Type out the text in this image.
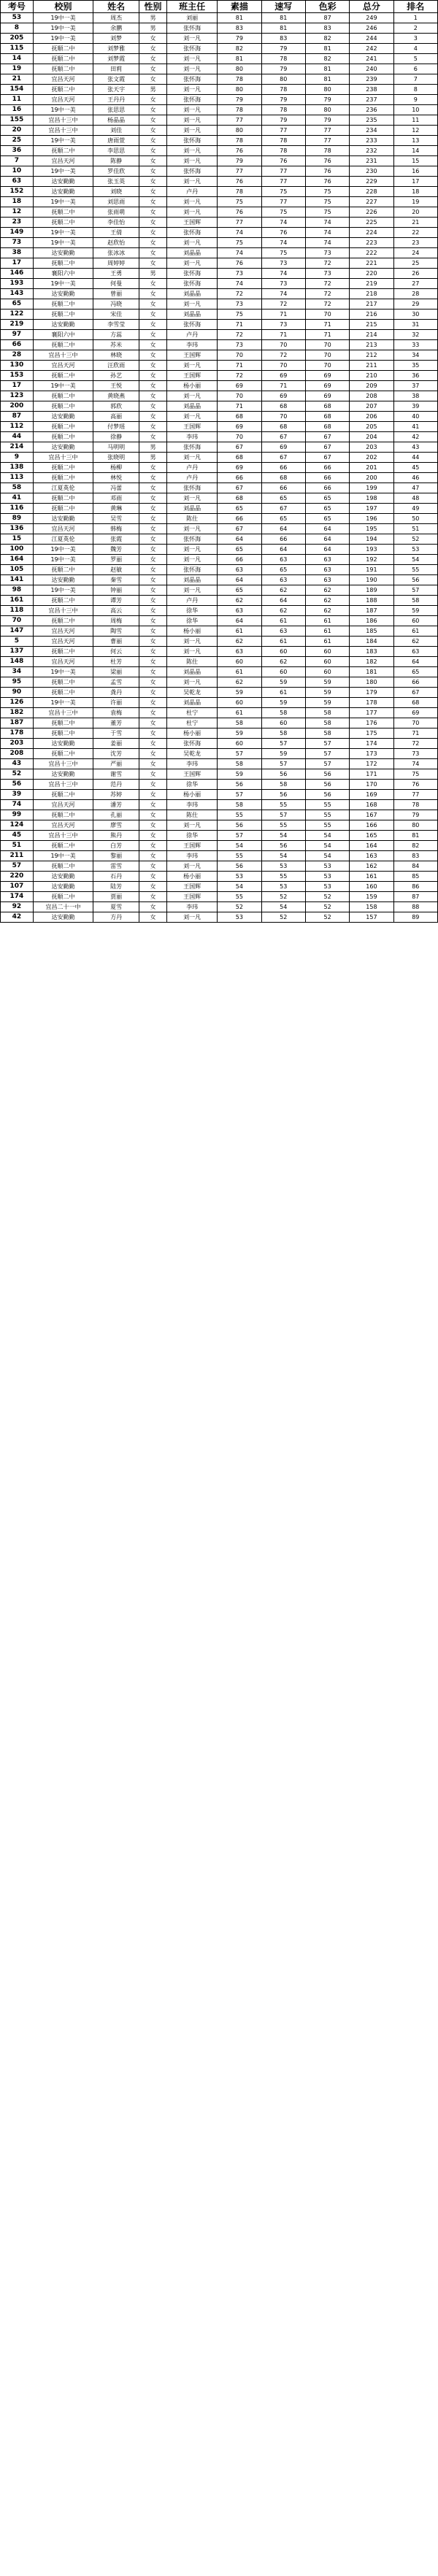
考号	校别	姓名	性别	班主任	素描	速写	色彩	总分	排名
53	19中一美	周杰	男	刘丽	81	81	87	249	1
8	19中一美	余鹏	男	张怀海	83	81	83	246	2
205	19中一美	刘梦	女	刘一凡	79	83	82	244	3
115	抚顺二中	刘梦雅	女	张怀海	82	79	81	242	4
14	抚顺二中	刘梦霞	女	刘一凡	81	78	82	241	5
19	抚顺二中	田莉	女	刘一凡	80	79	81	240	6
21	宜昌天河	张文霞	女	张怀海	78	80	81	239	7
154	抚顺二中	张天宇	男	刘一凡	80	78	80	238	8
11	宜昌天河	王丹丹	女	张怀海	79	79	79	237	9
16	19中一美	张思思	女	刘一凡	78	78	80	236	10
155	宜昌十三中	杨晶晶	女	刘一凡	77	79	79	235	11
20	宜昌十三中	刘佳	女	刘一凡	80	77	77	234	12
25	19中一美	唐雨萱	女	张怀海	78	78	77	233	13
36	抚顺二中	李思思	女	刘一凡	76	78	78	232	14
7	宜昌天河	陈静	女	刘一凡	79	76	76	231	15
10	19中一美	罗佳欣	女	张怀海	77	77	76	230	16
63	达安勤勤	张玉英	女	刘一凡	76	77	76	229	17
152	达安勤勤	刘晓	女	卢丹	78	75	75	228	18
18	19中一美	刘思雨	女	刘一凡	75	77	75	227	19
12	抚顺二中	张雨萌	女	刘一凡	76	75	75	226	20
23	抚顺二中	李佳怡	女	王国辉	77	74	74	225	21
149	19中一美	王倩	女	张怀海	74	76	74	224	22
73	19中一美	赵欣怡	女	刘一凡	75	74	74	223	23
38	达安勤勤	张冰冰	女	刘晶晶	74	75	73	222	24
17	抚顺二中	周婷婷	女	刘一凡	76	73	72	221	25
146	襄阳六中	王勇	男	张怀海	73	74	73	220	26
193	19中一美	何曼	女	张怀海	74	73	72	219	27
143	达安勤勤	曾丽	女	刘晶晶	72	74	72	218	28
65	抚顺二中	冯晓	女	刘一凡	73	72	72	217	29
122	抚顺二中	宋佳	女	刘晶晶	75	71	70	216	30
219	达安勤勤	李雪莹	女	张怀海	71	73	71	215	31
97	襄阳六中	方蕊	女	卢丹	72	71	71	214	32
66	抚顺二中	苏米	女	李玮	73	70	70	213	33
28	宜昌十三中	林晓	女	王国辉	70	72	70	212	34
130	宜昌天河	汪欣雨	女	刘一凡	71	70	70	211	35
153	抚顺二中	孙艺	女	王国辉	72	69	69	210	36
17	19中一美	王悦	女	杨小丽	69	71	69	209	37
123	抚顺二中	黄晓燕	女	刘一凡	70	69	69	208	38
200	抚顺二中	郭欣	女	刘晶晶	71	68	68	207	39
87	达安勤勤	高丽	女	刘一凡	68	70	68	206	40
112	抚顺二中	付梦瑶	女	王国辉	69	68	68	205	41
44	抚顺二中	徐静	女	李玮	70	67	67	204	42
214	达安勤勤	马明明	男	张怀海	67	69	67	203	43
9	宜昌十三中	张晓明	男	刘一凡	68	67	67	202	44
138	抚顺二中	杨柳	女	卢丹	69	66	66	201	45
113	抚顺二中	林悦	女	卢丹	66	68	66	200	46
58	江夏英伦	冯蕾	女	张怀海	67	66	66	199	47
41	抚顺二中	邓雨	女	刘一凡	68	65	65	198	48
116	抚顺二中	黄琳	女	刘晶晶	65	67	65	197	49
89	达安勤勤	吴雪	女	陈仕	66	65	65	196	50
136	宜昌天河	韩梅	女	刘一凡	67	64	64	195	51
15	江夏英伦	张霞	女	张怀海	64	66	64	194	52
100	19中一美	魏芳	女	刘一凡	65	64	64	193	53
164	19中一美	罗丽	女	刘一凡	66	63	63	192	54
105	抚顺二中	赵敏	女	张怀海	63	65	63	191	55
141	达安勤勤	秦雪	女	刘晶晶	64	63	63	190	56
98	19中一美	钟丽	女	刘一凡	65	62	62	189	57
161	抚顺二中	谭芳	女	卢丹	62	64	62	188	58
118	宜昌十三中	高云	女	徐华	63	62	62	187	59
70	抚顺二中	周梅	女	徐华	64	61	61	186	60
147	宜昌天河	陶雪	女	杨小丽	61	63	61	185	61
5	宜昌天河	曹丽	女	刘一凡	62	61	61	184	62
137	抚顺二中	何云	女	刘一凡	63	60	60	183	63
148	宜昌天河	杜芳	女	陈仕	60	62	60	182	64
34	19中一美	梁丽	女	刘晶晶	61	60	60	181	65
95	抚顺二中	孟雪	女	刘一凡	62	59	59	180	66
90	抚顺二中	龚丹	女	吴乾龙	59	61	59	179	67
126	19中一美	许丽	女	刘晶晶	60	59	59	178	68
182	宜昌十三中	袁梅	女	杜宁	61	58	58	177	69
187	抚顺二中	董芳	女	杜宁	58	60	58	176	70
178	抚顺二中	于雪	女	杨小丽	59	58	58	175	71
203	达安勤勤	姜丽	女	张怀海	60	57	57	174	72
208	抚顺二中	沈芳	女	吴乾龙	57	59	57	173	73
43	宜昌十三中	严丽	女	李玮	58	57	57	172	74
52	达安勤勤	谢雪	女	王国辉	59	56	56	171	75
56	宜昌十三中	范丹	女	徐华	56	58	56	170	76
39	抚顺二中	苏婷	女	杨小丽	57	56	56	169	77
74	宜昌天河	潘芳	女	李玮	58	55	55	168	78
99	抚顺二中	孔丽	女	陈仕	55	57	55	167	79
124	宜昌天河	廖雪	女	刘一凡	56	55	55	166	80
45	宜昌十三中	熊丹	女	徐华	57	54	54	165	81
51	抚顺二中	白芳	女	王国辉	54	56	54	164	82
211	19中一美	黎丽	女	李玮	55	54	54	163	83
57	抚顺二中	雷雪	女	刘一凡	56	53	53	162	84
220	达安勤勤	石丹	女	杨小丽	53	55	53	161	85
107	达安勤勤	陆芳	女	王国辉	54	53	53	160	86
174	抚顺二中	贾丽	女	王国辉	55	52	52	159	87
92	宜昌二十一中	夏雪	女	李玮	52	54	52	158	88
42	达安勤勤	方丹	女	刘一凡	53	52	52	157	89
